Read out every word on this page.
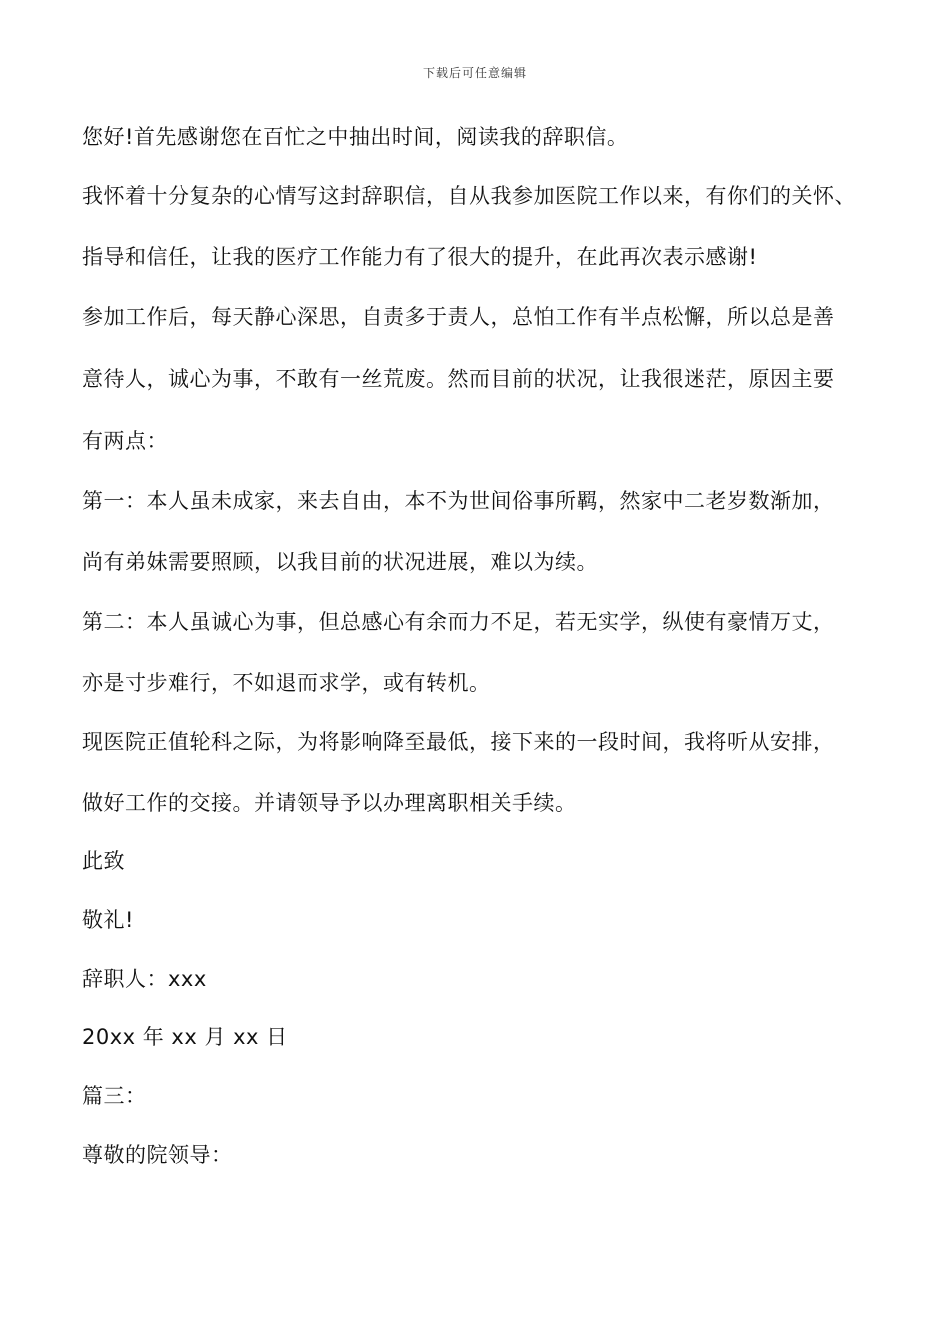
下载后可任意编辑
您好!首先感谢您在百忙之中抽出时间，阅读我的辞职信。
我怀着十分复杂的心情写这封辞职信，自从我参加医院工作以来，有你们的关怀、
指导和信任，让我的医疗工作能力有了很大的提升，在此再次表示感谢!
参加工作后，每天静心深思，自责多于责人，总怕工作有半点松懈，所以总是善
意待人，诚心为事，不敢有一丝荒废。然而目前的状况，让我很迷茫，原因主要
有两点：
第一：本人虽未成家，来去自由，本不为世间俗事所羁，然家中二老岁数渐加，
尚有弟妹需要照顾，以我目前的状况进展，难以为续。
第二：本人虽诚心为事，但总感心有余而力不足，若无实学，纵使有豪情万丈，
亦是寸步难行，不如退而求学，或有转机。
现医院正值轮科之际，为将影响降至最低，接下来的一段时间，我将听从安排，
做好工作的交接。并请领导予以办理离职相关手续。
此致
敬礼!
辞职人：xxx
20xx 年 xx 月 xx 日
篇三：
尊敬的院领导：
